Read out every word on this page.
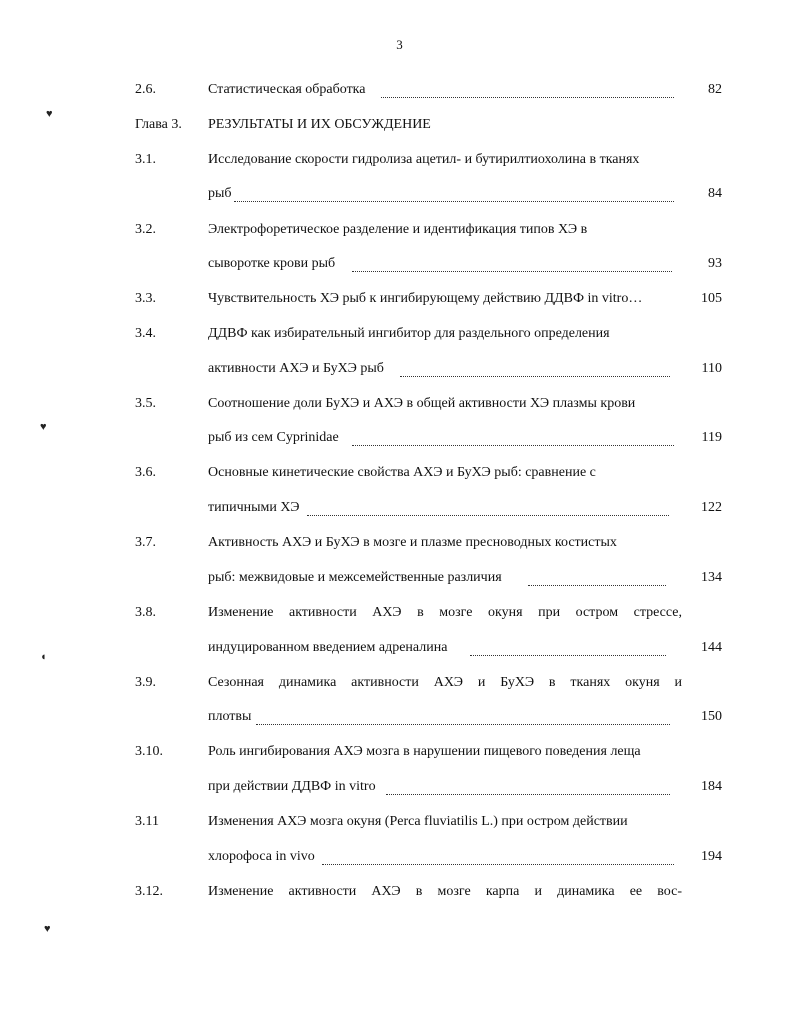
3
2.6.	Статистическая обработка	82
Глава 3. РЕЗУЛЬТАТЫ И ИХ ОБСУЖДЕНИЕ
3.1.	Исследование скорости гидролиза ацетил- и бутирилтиохолина в тканях
рыб	84
3.2.	Электрофоретическое разделение и идентификация типов ХЭ в
сыворотке крови рыб	93
3.3.	Чувствительность ХЭ рыб к ингибирующему действию ДДВФ in vitro…	105
3.4.	ДДВФ как избирательный ингибитор для раздельного определения
активности АХЭ и БуХЭ рыб	110
3.5.	Соотношение доли БуХЭ и АХЭ в общей активности ХЭ плазмы крови
рыб из сем Cyprinidae	119
3.6.	Основные кинетические свойства АХЭ и БуХЭ рыб: сравнение с
типичными ХЭ	122
3.7.	Активность АХЭ и БуХЭ в мозге и плазме пресноводных костистых
рыб: межвидовые и межсемейственные различия	134
3.8.	Изменение активности АХЭ в мозге окуня при остром стрессе,
индуцированном введением адреналина	144
3.9.	Сезонная динамика активности АХЭ и БуХЭ в тканях окуня и
плотвы	150
3.10.	Роль ингибирования АХЭ мозга в нарушении пищевого поведения леща
при действии ДДВФ in vitro	184
3.11	Изменения АХЭ мозга окуня (Perca fluviatilis L.) при остром действии
хлорофоса in vivo	194
3.12.	Изменение активности АХЭ в мозге карпа и динамика ее вос-
♥
♥
◖
♥
